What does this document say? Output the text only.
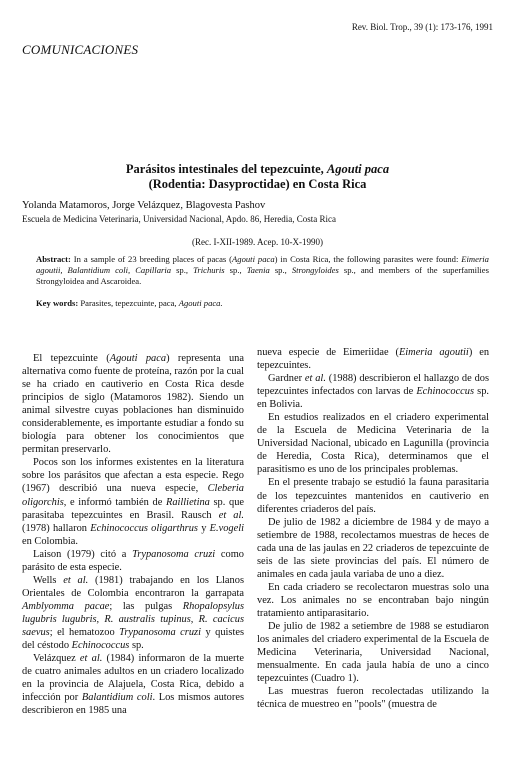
Rev. Biol. Trop., 39 (1): 173-176, 1991
COMUNICACIONES
Parásitos intestinales del tepezcuinte, Agouti paca
(Rodentia: Dasyproctidae) en Costa Rica
Yolanda Matamoros, Jorge Velázquez, Blagovesta Pashov
Escuela de Medicina Veterinaria, Universidad Nacional, Apdo. 86, Heredia, Costa Rica
(Rec. I-XII-1989. Acep. 10-X-1990)
Abstract: In a sample of 23 breeding places of pacas (Agouti paca) in Costa Rica, the following parasites were found: Eimeria agoutii, Balantidium coli, Capillaria sp., Trichuris sp., Taenia sp., Strongyloides sp., and members of the superfamilies Strongyloidea and Ascaroidea.
Key words: Parasites, tepezcuinte, paca, Agouti paca.

El tepezcuinte (Agouti paca) representa una alternativa como fuente de proteína, razón por la cual se ha criado en cautiverio en Costa Rica desde principios de siglo (Matamoros 1982). Siendo un animal silvestre cuyas poblaciones han disminuido considerablemente, es importante estudiar a fondo su biología para obtener los conocimientos que permitan preservarlo.

Pocos son los informes existentes en la literatura sobre los parásitos que afectan a esta especie. Rego (1967) describió una nueva especie, Cleberia oligorchis, e informó también de Raillietina sp. que parasitaba tepezcuintes en Brasil. Rausch et al. (1978) hallaron Echinococcus oligarthrus y E.vogeli en Colombia.

Laison (1979) citó a Trypanosoma cruzi como parásito de esta especie.

Wells et al. (1981) trabajando en los Llanos Orientales de Colombia encontraron la garrapata Amblyomma pacae; las pulgas Rhopalopsylus lugubris lugubris, R. australis tupinus, R. cacicus saevus; el hematozoo Trypanosoma cruzi y quistes del céstodo Echinococcus sp.

Velázquez et al. (1984) informaron de la muerte de cuatro animales adultos en un criadero localizado en la provincia de Alajuela, Costa Rica, debido a infección por Balantidium coli. Los mismos autores describieron en 1985 una

nueva especie de Eimeriidae (Eimeria agoutii) en tepezcuintes.

Gardner et al. (1988) describieron el hallazgo de dos tepezcuintes infectados con larvas de Echinococcus sp. en Bolivia.

En estudios realizados en el criadero experimental de la Escuela de Medicina Veterinaria de la Universidad Nacional, ubicado en Lagunilla (provincia de Heredia, Costa Rica), determinamos que el parasitismo es uno de los principales problemas.

En el presente trabajo se estudió la fauna parasitaria de los tepezcuintes mantenidos en cautiverio en diferentes criaderos del país.

De julio de 1982 a diciembre de 1984 y de mayo a setiembre de 1988, recolectamos muestras de heces de cada una de las jaulas en 22 criaderos de tepezcuinte de seis de las siete provincias del país. El número de animales en cada jaula variaba de uno a diez.

En cada criadero se recolectaron muestras solo una vez. Los animales no se encontraban bajo ningún tratamiento antiparasitario.

De julio de 1982 a setiembre de 1988 se estudiaron los animales del criadero experimental de la Escuela de Medicina Veterinaria, Universidad Nacional, mensualmente. En cada jaula había de uno a cinco tepezcuintes (Cuadro 1).

Las muestras fueron recolectadas utilizando la técnica de muestreo en "pools" (muestra de
